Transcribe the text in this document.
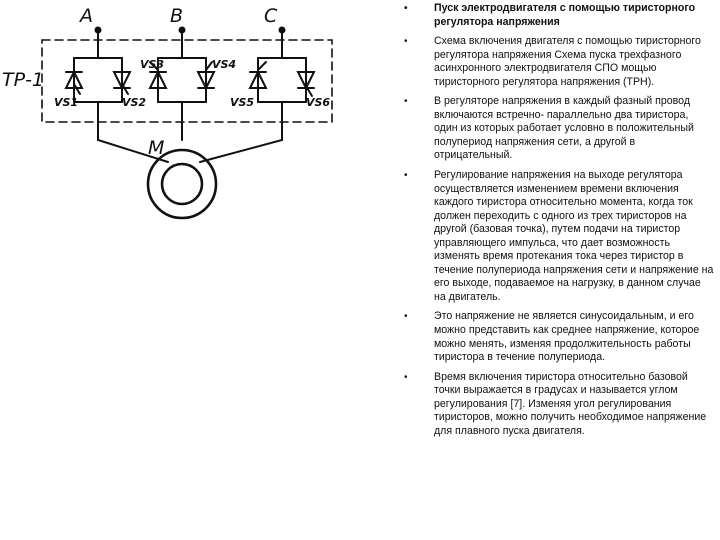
A	B	C
ТР-1
М
VS1	VS2
VS3	VS4
VS5	VS6
• Пуск электродвигателя с помощью тиристорного регулятора напряжения
• Схема включения двигателя с помощью тиристорного регулятора напряжения Схема пуска трехфазного асинхронного электродвигателя СПО мощью тиристорного регулятора напряжения (ТРН).
• В регуляторе напряжения в каждый фазный провод включаются встречно- параллельно два тиристора, один из которых работает условно в положительный полупериод напряжения сети, а другой в отрицательный.
• Регулирование напряжения на выходе регулятора осуществляется изменением времени включения каждого тиристора относительно момента, когда ток должен переходить с одного из трех тиристоров на другой (базовая точка), путем подачи на тиристор управляющего импульса, что дает возможность изменять время протекания тока через тиристор в течение полупериода напряжения сети и напряжение на его выходе, подаваемое на нагрузку, в данном случае на двигатель.
• Это напряжение не является синусоидальным, и его можно представить как среднее напряжение, которое можно менять, изменяя продолжительность работы тиристора в течение полупериода.
• Время включения тиристора относительно базовой точки выражается в градусах и называется углом регулирования [7]. Изменяя угол регулирования тиристоров, можно получить необходимое напряжение для плавного пуска двигателя.
